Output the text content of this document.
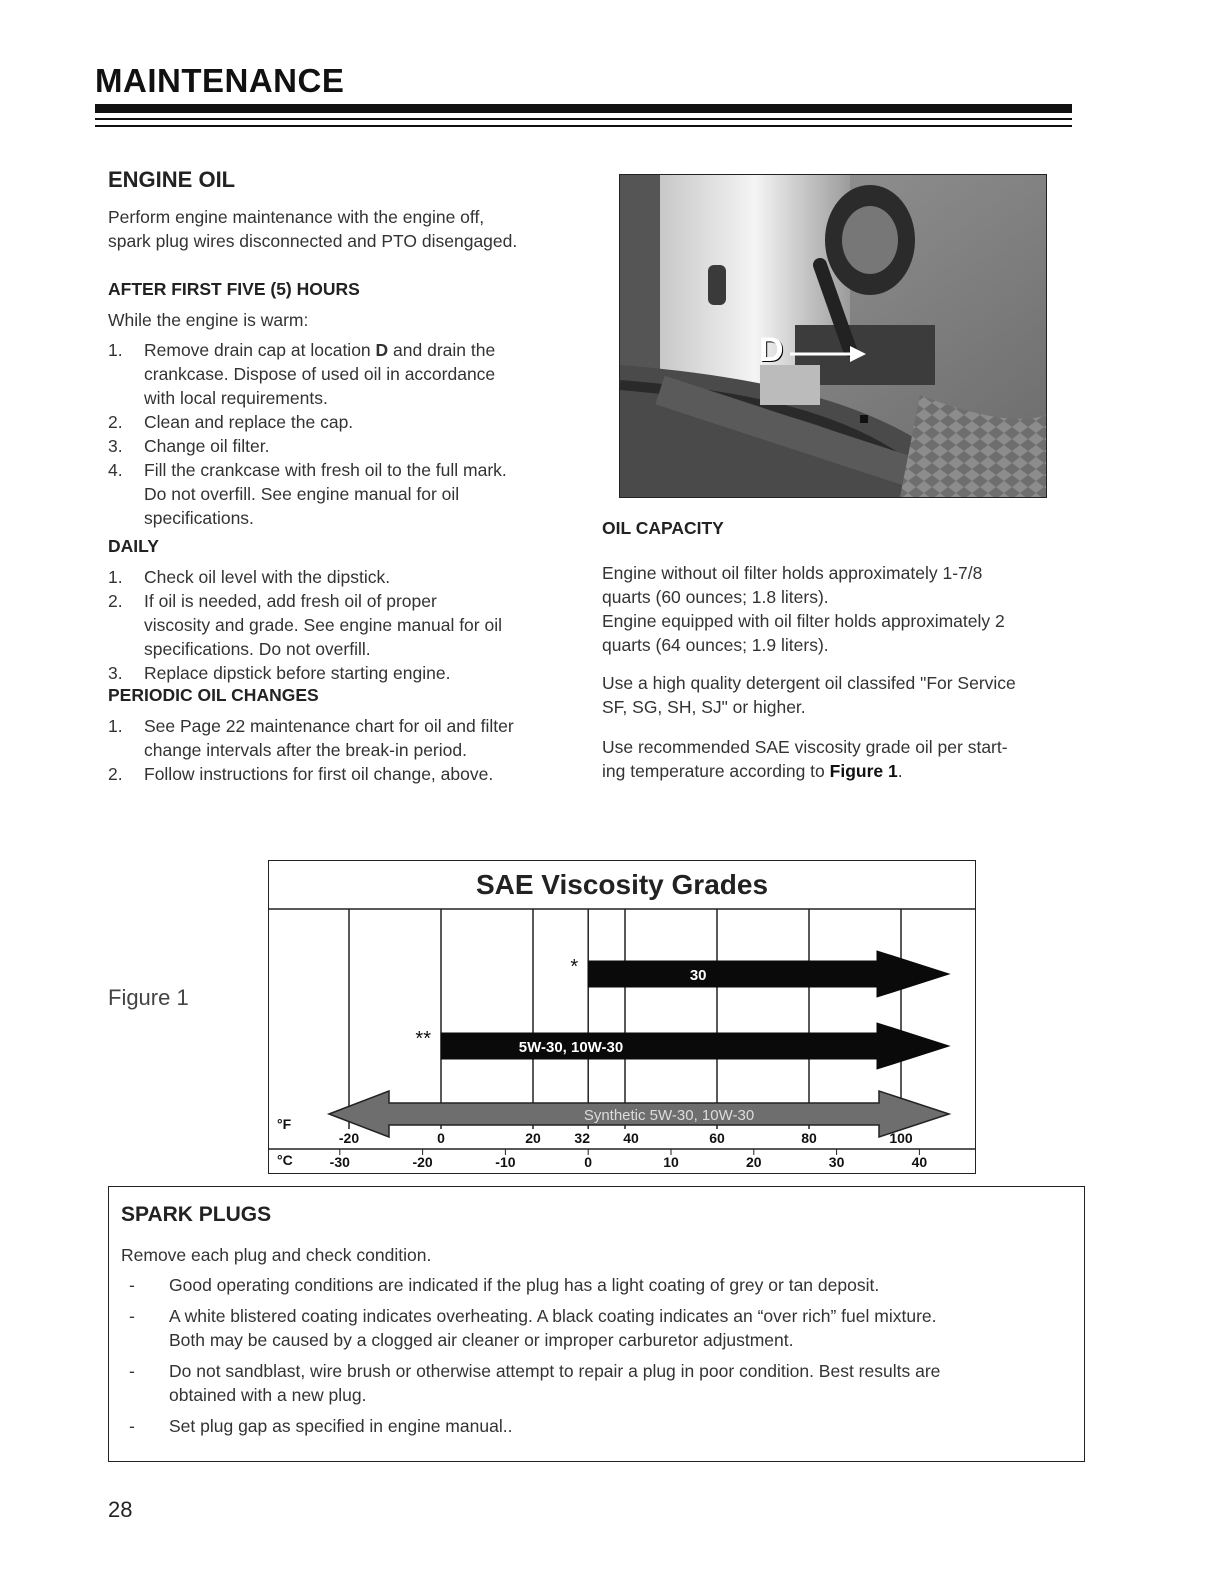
MAINTENANCE
ENGINE OIL
Perform engine maintenance with the engine off,
spark plug wires disconnected and PTO disengaged.
AFTER FIRST FIVE (5) HOURS
While the engine is warm:
1. Remove drain cap at location D and drain the
crankcase. Dispose of used oil in accordance
with local requirements.
2. Clean and replace the cap.
3. Change oil filter.
4. Fill the crankcase with fresh oil to the full mark.
Do not overfill. See engine manual for oil
specifications.
DAILY
1. Check oil level with the dipstick.
2. If oil is needed, add fresh oil of proper
viscosity and grade. See engine manual for oil
specifications. Do not overfill.
3. Replace dipstick before starting engine.
PERIODIC OIL CHANGES
1. See Page 22 maintenance chart for oil and filter
change intervals after the break-in period.
2. Follow instructions for first oil change, above.
D
OIL CAPACITY
Engine without oil filter holds approximately 1-7/8
quarts (60 ounces; 1.8 liters).
Engine equipped with oil filter holds approximately 2
quarts (64 ounces; 1.9 liters).
Use a high quality detergent oil classifed "For Service
SF, SG, SH, SJ" or higher.
Use recommended SAE viscosity grade oil per start-
ing temperature according to Figure 1.
Figure 1
SAE Viscosity Grades
30
*
5W-30, 10W-30
**
Synthetic 5W-30, 10W-30
°F
°C
-20	0	20 32 40	60	80	100
-30	-20	-10	0	10	20	30	40
SPARK PLUGS
Remove each plug and check condition.
- Good operating conditions are indicated if the plug has a light coating of grey or tan deposit.
- A white blistered coating indicates overheating. A black coating indicates an “over rich” fuel mixture.
Both may be caused by a clogged air cleaner or improper carburetor adjustment.
- Do not sandblast, wire brush or otherwise attempt to repair a plug in poor condition. Best results are
obtained with a new plug.
- Set plug gap as specified in engine manual..
28
